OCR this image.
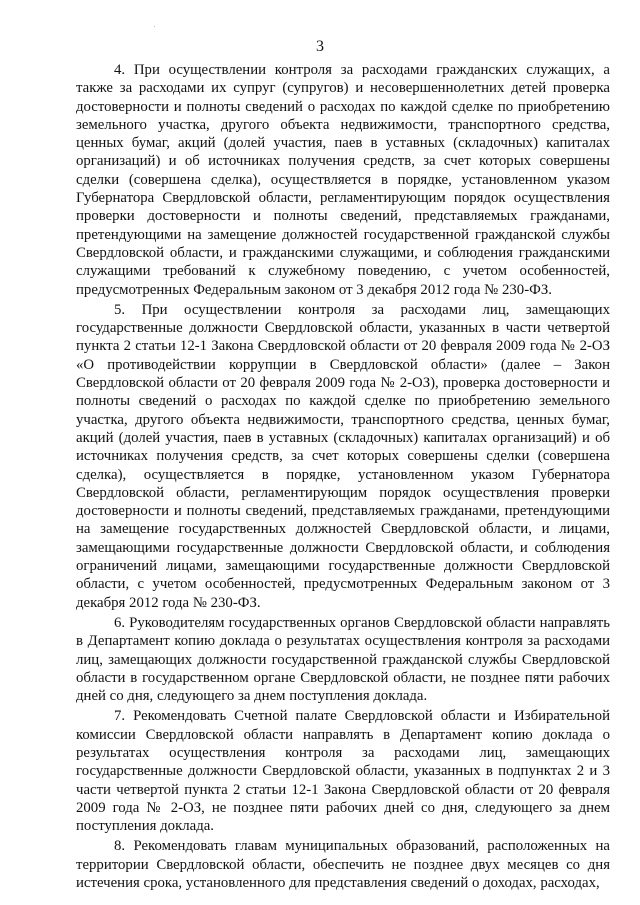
3

4. При осуществлении контроля за расходами гражданских служащих, а также за расходами их супруг (супругов) и несовершеннолетних детей проверка достоверности и полноты сведений о расходах по каждой сделке по приобретению земельного участка, другого объекта недвижимости, транспортного средства, ценных бумаг, акций (долей участия, паев в уставных (складочных) капиталах организаций) и об источниках получения средств, за счет которых совершены сделки (совершена сделка), осуществляется в порядке, установленном указом Губернатора Свердловской области, регламентирующим порядок осуществления проверки достоверности и полноты сведений, представляемых гражданами, претендующими на замещение должностей государственной гражданской службы Свердловской области, и гражданскими служащими, и соблюдения гражданскими служащими требований к служебному поведению, с учетом особенностей, предусмотренных Федеральным законом от 3 декабря 2012 года № 230-ФЗ.

5. При осуществлении контроля за расходами лиц, замещающих государственные должности Свердловской области, указанных в части четвертой пункта 2 статьи 12-1 Закона Свердловской области от 20 февраля 2009 года № 2-ОЗ «О противодействии коррупции в Свердловской области» (далее – Закон Свердловской области от 20 февраля 2009 года № 2-ОЗ), проверка достоверности и полноты сведений о расходах по каждой сделке по приобретению земельного участка, другого объекта недвижимости, транспортного средства, ценных бумаг, акций (долей участия, паев в уставных (складочных) капиталах организаций) и об источниках получения средств, за счет которых совершены сделки (совершена сделка), осуществляется в порядке, установленном указом Губернатора Свердловской области, регламентирующим порядок осуществления проверки достоверности и полноты сведений, представляемых гражданами, претендующими на замещение государственных должностей Свердловской области, и лицами, замещающими государственные должности Свердловской области, и соблюдения ограничений лицами, замещающими государственные должности Свердловской области, с учетом особенностей, предусмотренных Федеральным законом от 3 декабря 2012 года № 230-ФЗ.

6. Руководителям государственных органов Свердловской области направлять в Департамент копию доклада о результатах осуществления контроля за расходами лиц, замещающих должности государственной гражданской службы Свердловской области в государственном органе Свердловской области, не позднее пяти рабочих дней со дня, следующего за днем поступления доклада.

7. Рекомендовать Счетной палате Свердловской области и Избирательной комиссии Свердловской области направлять в Департамент копию доклада о результатах осуществления контроля за расходами лиц, замещающих государственные должности Свердловской области, указанных в подпунктах 2 и 3 части четвертой пункта 2 статьи 12-1 Закона Свердловской области от 20 февраля 2009 года № 2-ОЗ, не позднее пяти рабочих дней со дня, следующего за днем поступления доклада.

8. Рекомендовать главам муниципальных образований, расположенных на территории Свердловской области, обеспечить не позднее двух месяцев со дня истечения срока, установленного для представления сведений о доходах, расходах,
